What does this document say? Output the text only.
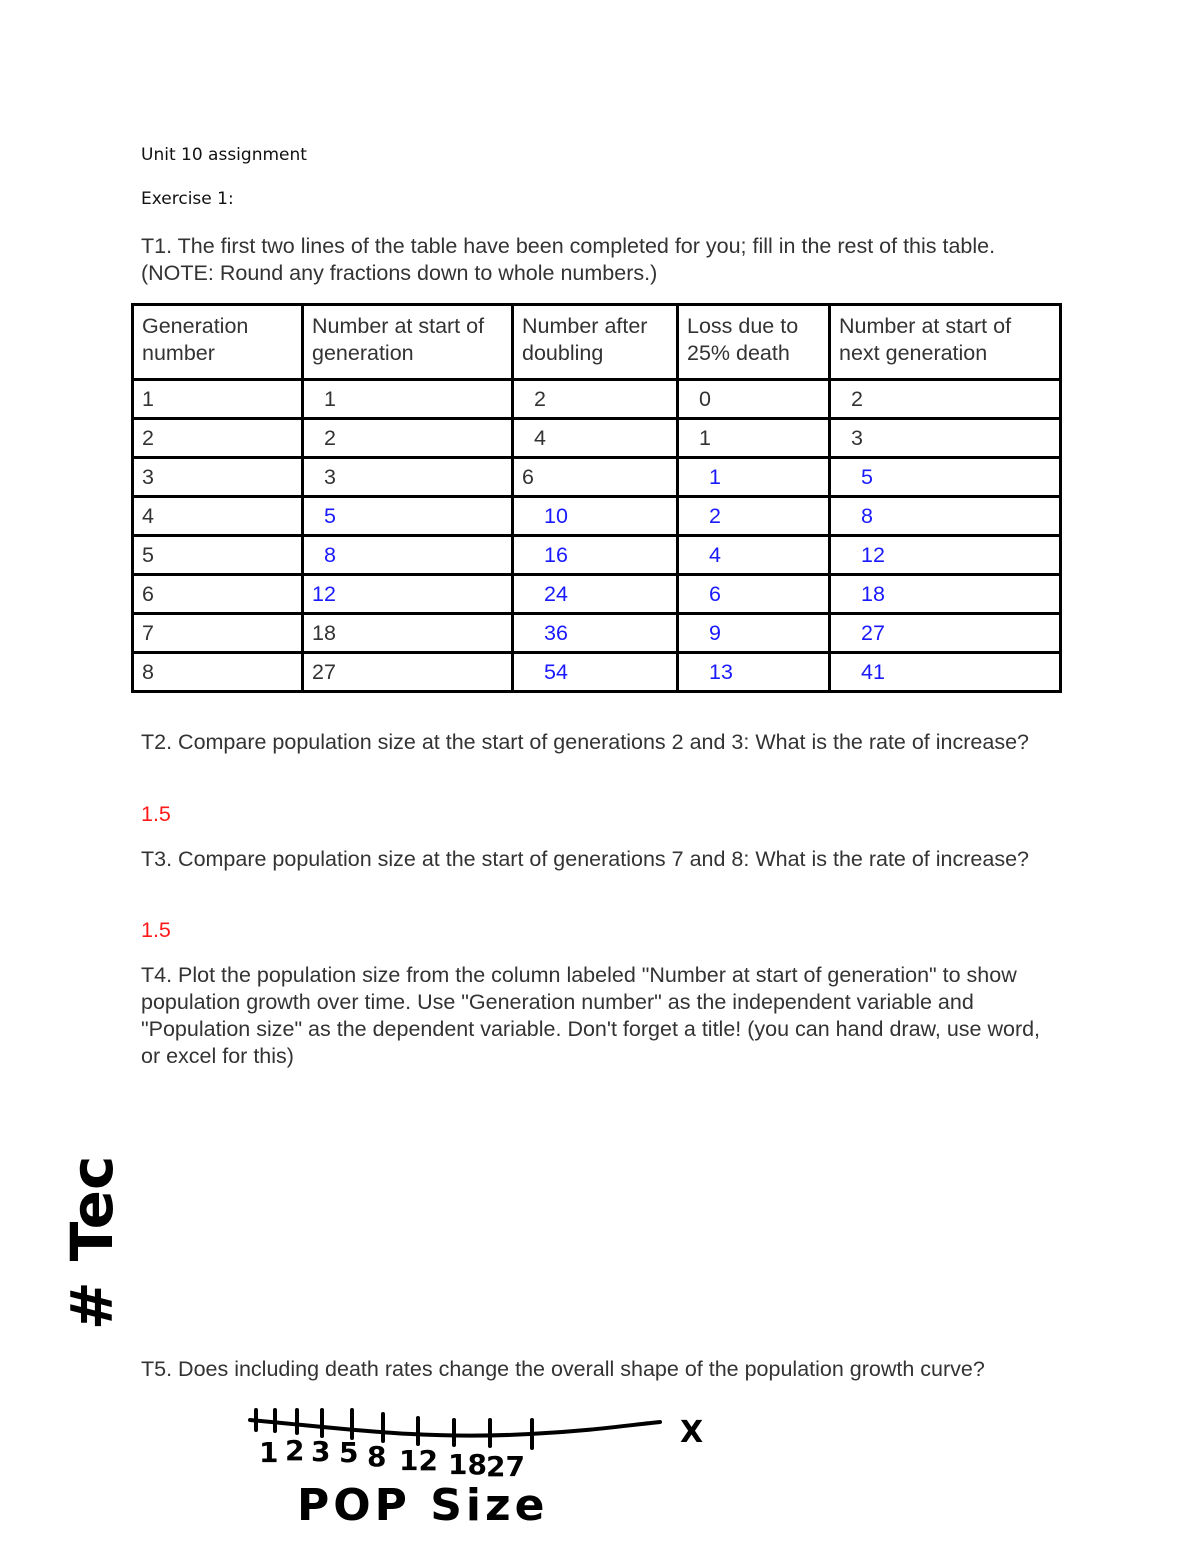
Unit 10 assignment
Exercise 1:
T1. The first two lines of the table have been completed for you; fill in the rest of this table. (NOTE: Round any fractions down to whole numbers.)
Generation number	Number at start of generation	Number after doubling	Loss due to 25% death	Number at start of next generation
1	1	2	0	2
2	2	4	1	3
3	3	6	1	5
4	5	10	2	8
5	8	16	4	12
6	12	24	6	18
7	18	36	9	27
8	27	54	13	41
T2. Compare population size at the start of generations 2 and 3: What is the rate of increase?
1.5
T3. Compare population size at the start of generations 7 and 8: What is the rate of increase?
1.5
T4. Plot the population size from the column labeled "Number at start of generation" to show population growth over time. Use "Generation number" as the independent variable and "Population size" as the dependent variable. Don't forget a title! (you can hand draw, use word, or excel for this)
T5. Does including death rates change the overall shape of the population growth curve?
# Tec
X
1 2 3 5 8 12 18 27
POP Size
